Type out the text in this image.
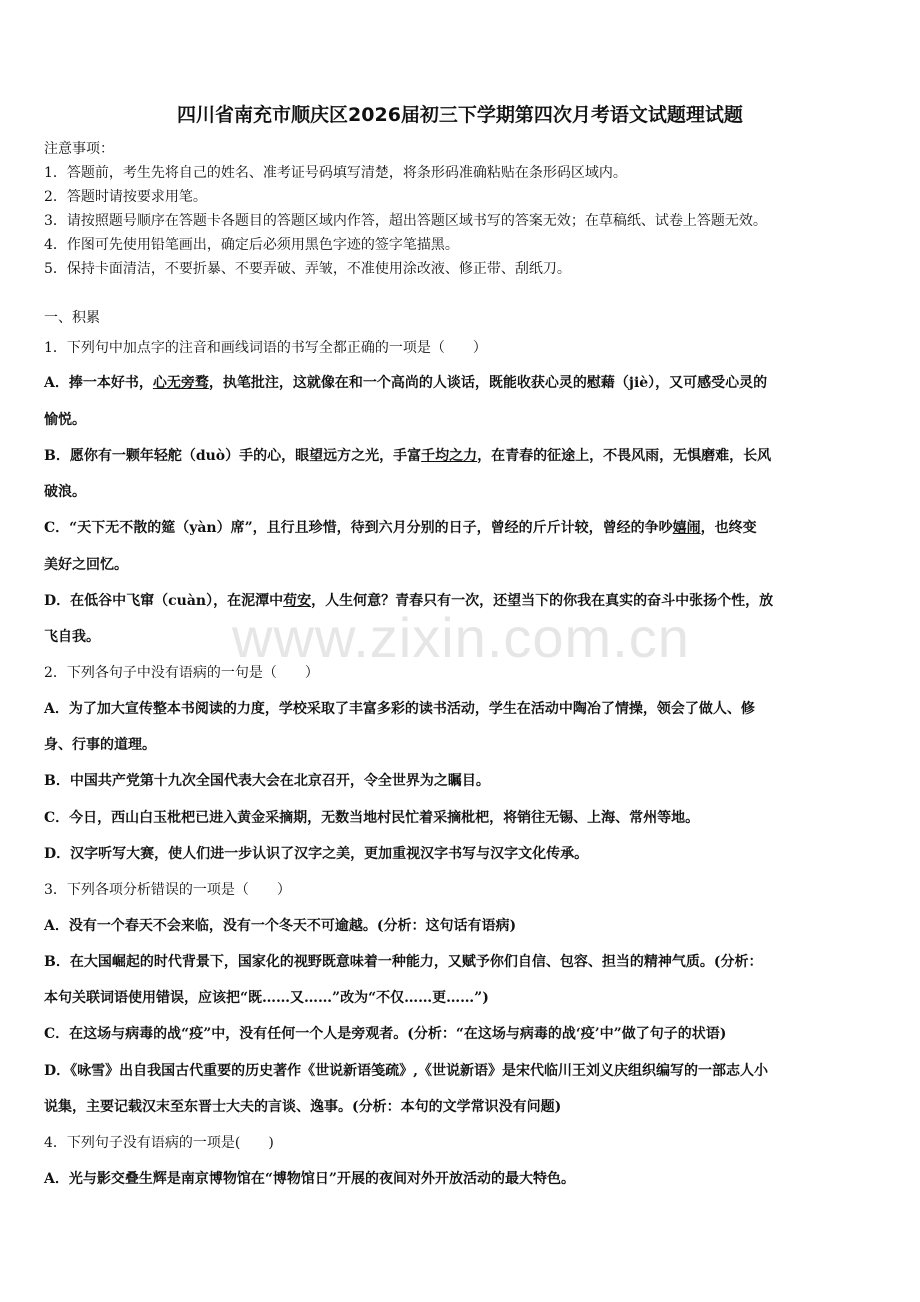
www.zixin.com.cn
四川省南充市顺庆区2026届初三下学期第四次月考语文试题理试题
注意事项：
1．答题前，考生先将自己的姓名、准考证号码填写清楚，将条形码准确粘贴在条形码区域内。
2．答题时请按要求用笔。
3．请按照题号顺序在答题卡各题目的答题区域内作答，超出答题区域书写的答案无效；在草稿纸、试卷上答题无效。
4．作图可先使用铅笔画出，确定后必须用黑色字迹的签字笔描黑。
5．保持卡面清洁，不要折暴、不要弄破、弄皱，不准使用涂改液、修正带、刮纸刀。
一、积累
1．下列句中加点字的注音和画线词语的书写全都正确的一项是（　　）
A．捧一本好书，心无旁骛，执笔批注，这就像在和一个高尚的人谈话，既能收获心灵的慰藉（jiè），又可感受心灵的
愉悦。
B．愿你有一颗年轻舵（duò）手的心，眼望远方之光，手富千均之力，在青春的征途上，不畏风雨，无惧磨难，长风
破浪。
C．“天下无不散的筵（yàn）席”，且行且珍惜，待到六月分别的日子，曾经的斤斤计较，曾经的争吵嬉闹，也终变
美好之回忆。
D．在低谷中飞窜（cuàn），在泥潭中苟安，人生何意？青春只有一次，还望当下的你我在真实的奋斗中张扬个性，放
飞自我。
2．下列各句子中没有语病的一句是（　　）
A．为了加大宣传整本书阅读的力度，学校采取了丰富多彩的读书活动，学生在活动中陶冶了情操，领会了做人、修
身、行事的道理。
B．中国共产党第十九次全国代表大会在北京召开，令全世界为之瞩目。
C．今日，西山白玉枇杷已进入黄金采摘期，无数当地村民忙着采摘枇杷，将销往无锡、上海、常州等地。
D．汉字听写大赛，使人们进一步认识了汉字之美，更加重视汉字书写与汉字文化传承。
3．下列各项分析错误的一项是（　　）
A．没有一个春天不会来临，没有一个冬天不可逾越。(分析：这句话有语病)
B．在大国崛起的时代背景下，国家化的视野既意味着一种能力，又赋予你们自信、包容、担当的精神气质。(分析：
本句关联词语使用错误，应该把“既……又……”改为“不仅……更……”)
C．在这场与病毒的战“疫”中，没有任何一个人是旁观者。(分析：“在这场与病毒的战‘疫’中”做了句子的状语)
D．《咏雪》出自我国古代重要的历史著作《世说新语笺疏》,《世说新语》是宋代临川王刘义庆组织编写的一部志人小
说集，主要记载汉末至东晋士大夫的言谈、逸事。(分析：本句的文学常识没有问题)
4．下列句子没有语病的一项是(　　)
A．光与影交叠生辉是南京博物馆在“博物馆日”开展的夜间对外开放活动的最大特色。
